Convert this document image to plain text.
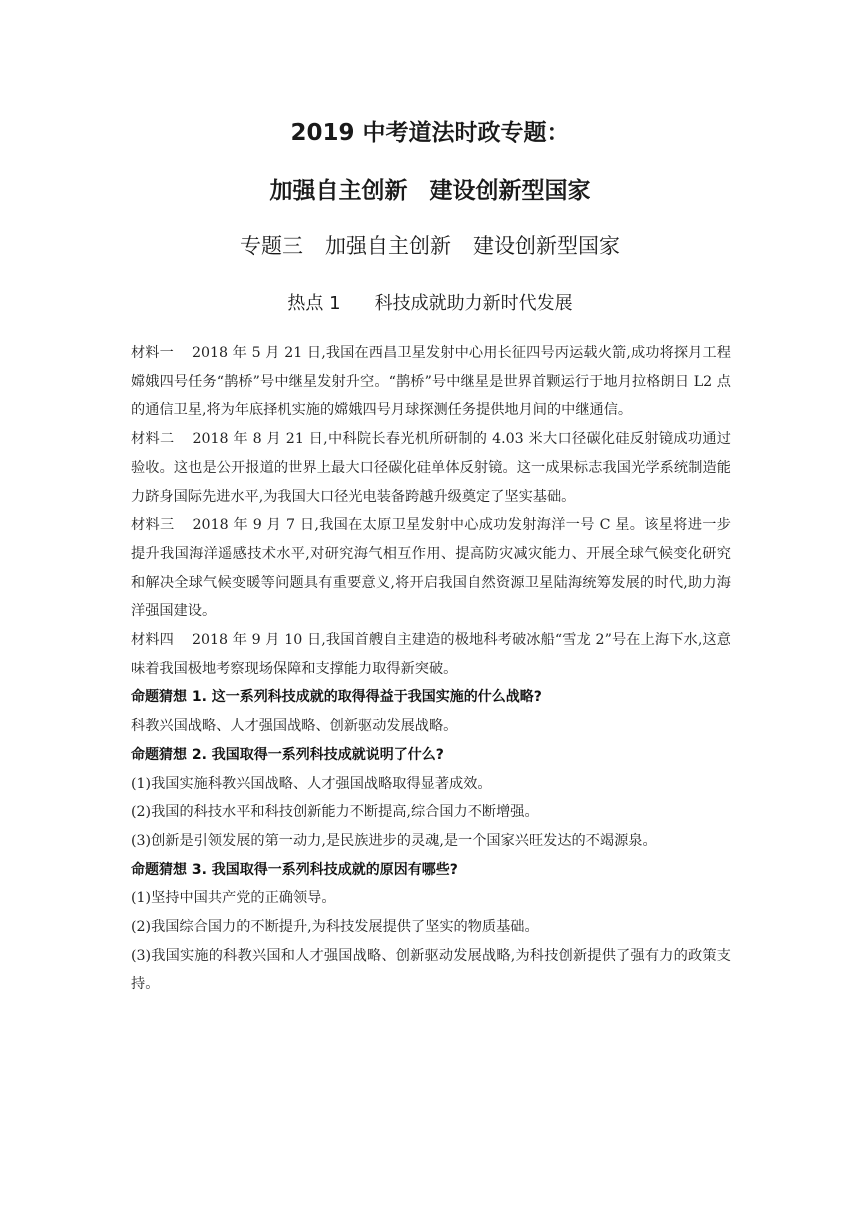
2019 中考道法时政专题：
加强自主创新 建设创新型国家
专题三 加强自主创新 建设创新型国家
热点 1 科技成就助力新时代发展

材料一 2018 年 5 月 21 日,我国在西昌卫星发射中心用长征四号丙运载火箭,成功将探月工程嫦娥四号任务“鹊桥”号中继星发射升空。“鹊桥”号中继星是世界首颗运行于地月拉格朗日 L2 点的通信卫星,将为年底择机实施的嫦娥四号月球探测任务提供地月间的中继通信。

材料二 2018 年 8 月 21 日,中科院长春光机所研制的 4.03 米大口径碳化硅反射镜成功通过验收。这也是公开报道的世界上最大口径碳化硅单体反射镜。这一成果标志我国光学系统制造能力跻身国际先进水平,为我国大口径光电装备跨越升级奠定了坚实基础。

材料三 2018 年 9 月 7 日,我国在太原卫星发射中心成功发射海洋一号 C 星。该星将进一步提升我国海洋遥感技术水平,对研究海气相互作用、提高防灾减灾能力、开展全球气候变化研究和解决全球气候变暖等问题具有重要意义,将开启我国自然资源卫星陆海统筹发展的时代,助力海洋强国建设。

材料四 2018 年 9 月 10 日,我国首艘自主建造的极地科考破冰船“雪龙 2”号在上海下水,这意味着我国极地考察现场保障和支撑能力取得新突破。

命题猜想 1. 这一系列科技成就的取得得益于我国实施的什么战略?

科教兴国战略、人才强国战略、创新驱动发展战略。

命题猜想 2. 我国取得一系列科技成就说明了什么?

(1)我国实施科教兴国战略、人才强国战略取得显著成效。

(2)我国的科技水平和科技创新能力不断提高,综合国力不断增强。

(3)创新是引领发展的第一动力,是民族进步的灵魂,是一个国家兴旺发达的不竭源泉。

命题猜想 3. 我国取得一系列科技成就的原因有哪些?

(1)坚持中国共产党的正确领导。

(2)我国综合国力的不断提升,为科技发展提供了坚实的物质基础。

(3)我国实施的科教兴国和人才强国战略、创新驱动发展战略,为科技创新提供了强有力的政策支持。
